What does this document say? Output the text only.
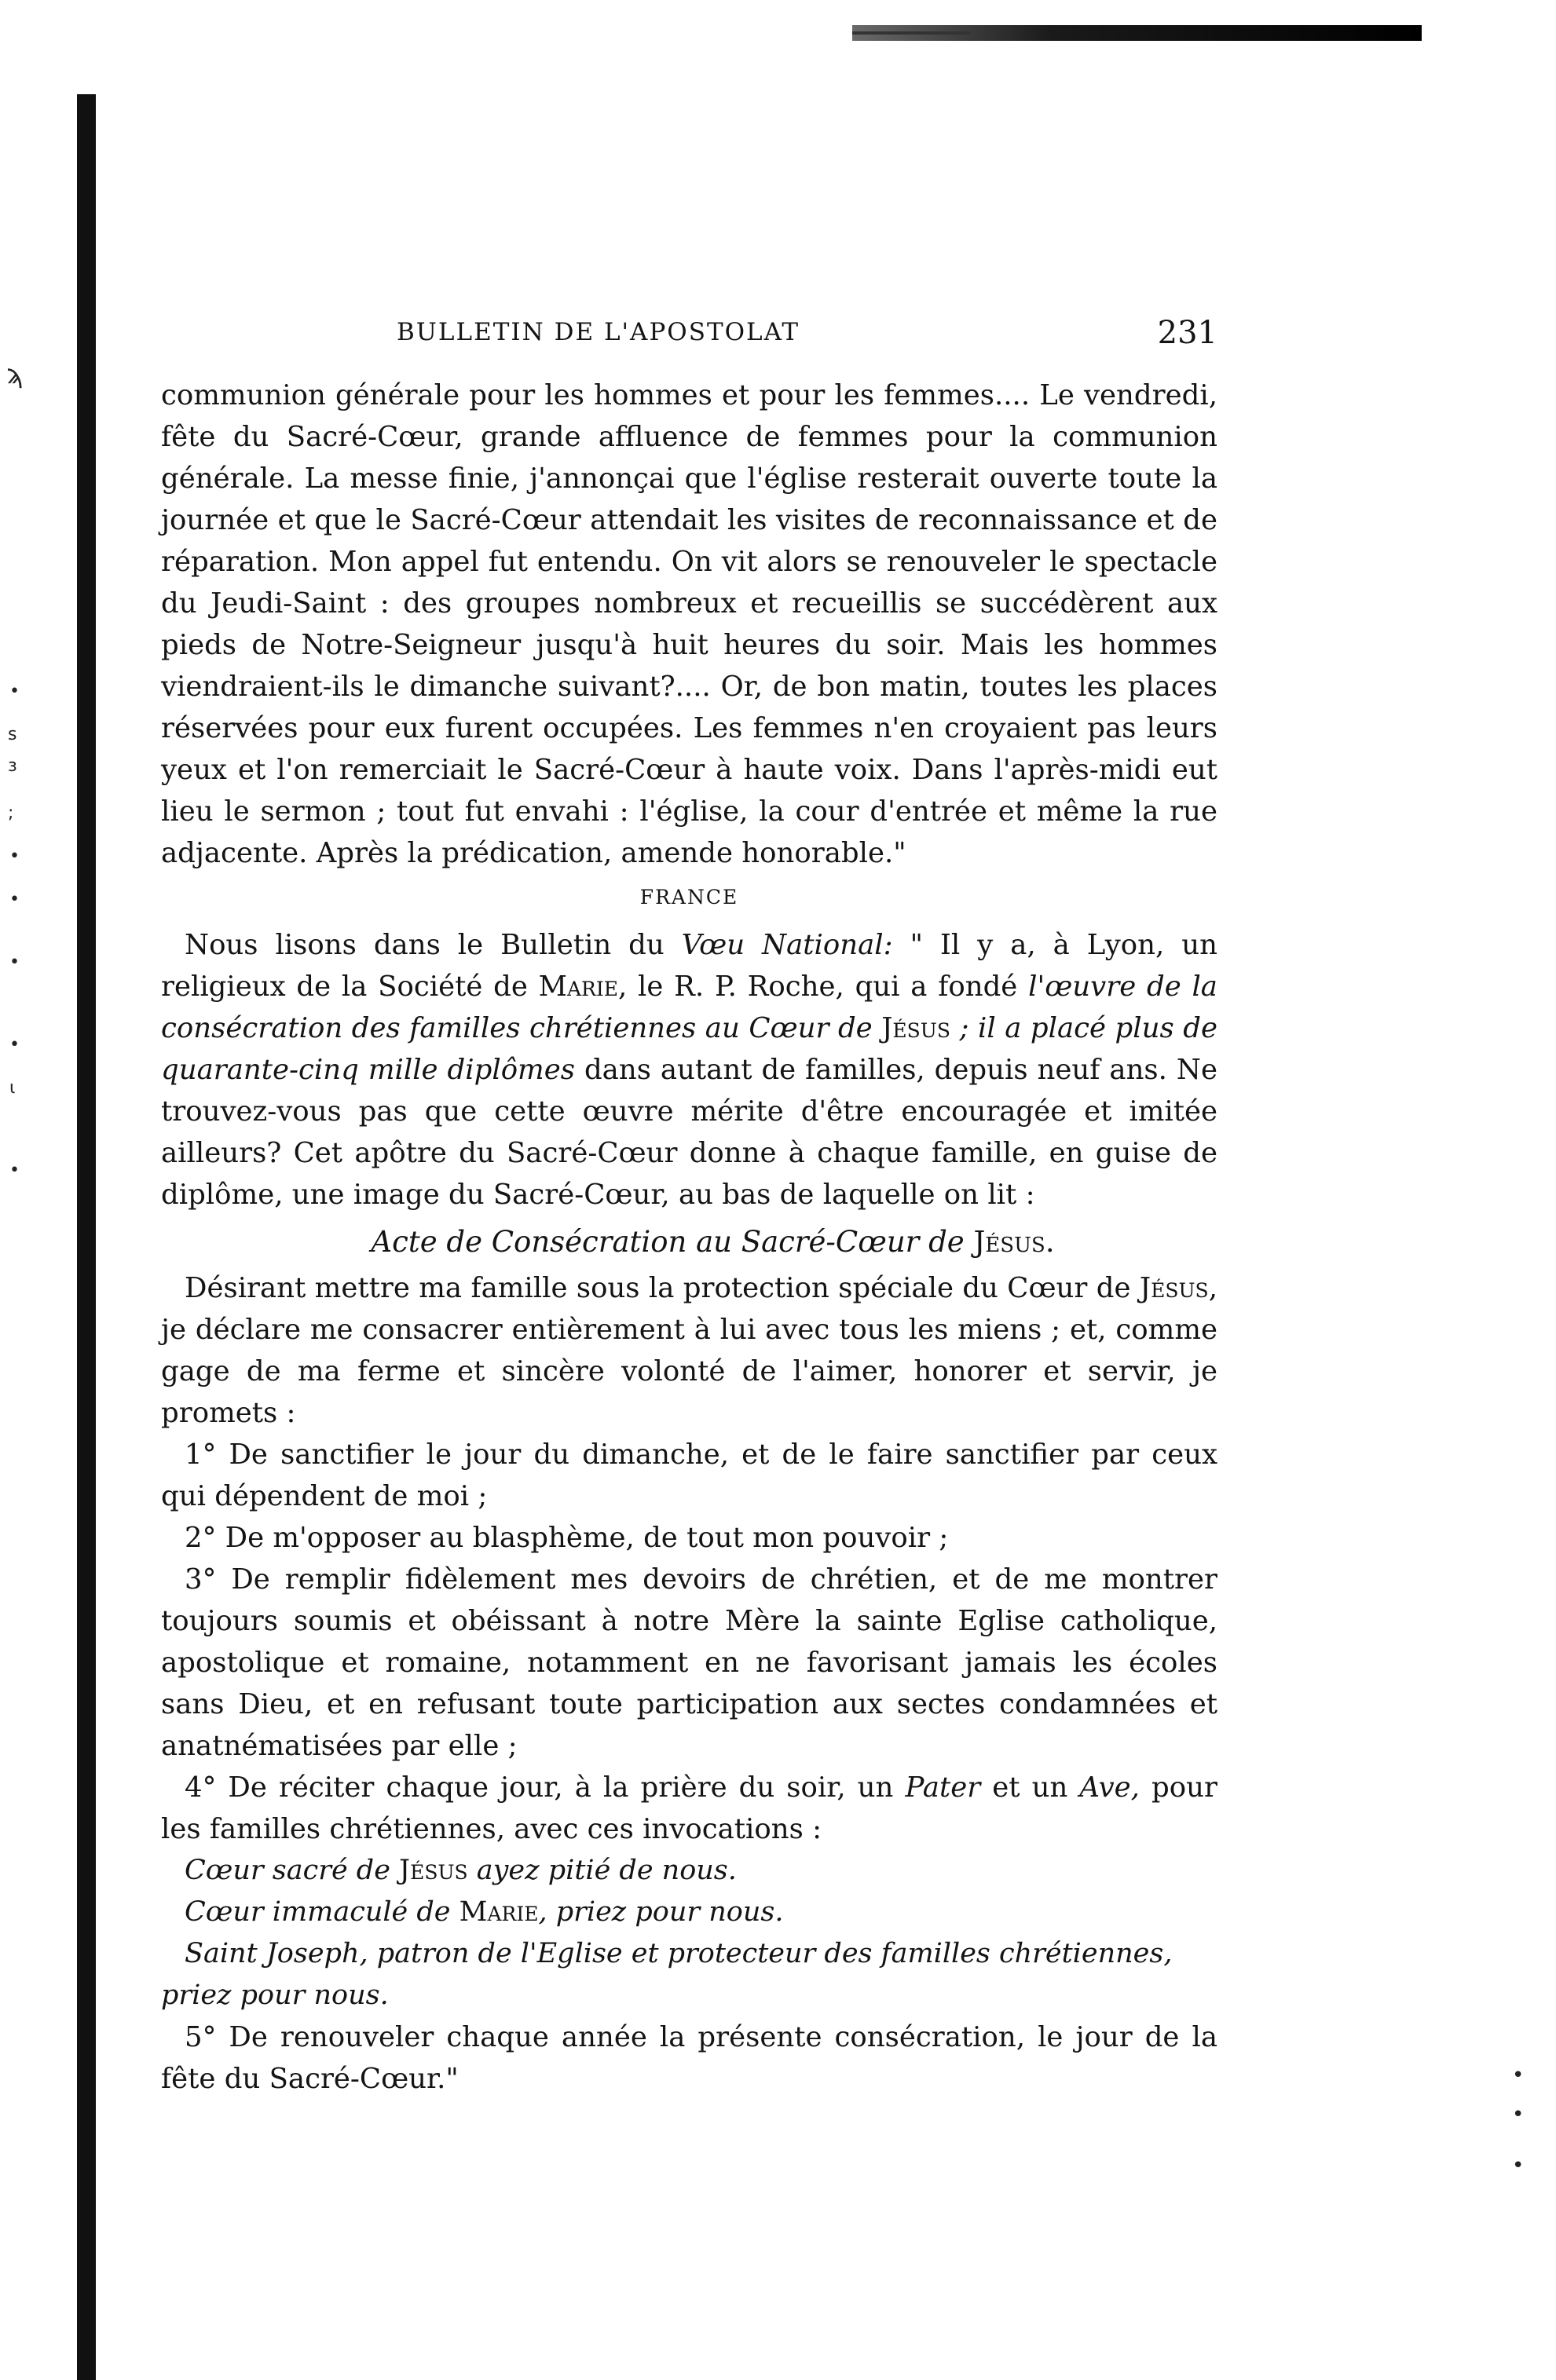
ϡ
•
s
ɜ
;
•
•
•
•
ι
•
•
•
•
BULLETIN DE L'APOSTOLAT	231

communion générale pour les hommes et pour les femmes.... Le vendredi, fête du Sacré-Cœur, grande affluence de femmes pour la communion générale. La messe finie, j'annonçai que l'église resterait ouverte toute la journée et que le Sacré-Cœur attendait les visites de reconnaissance et de réparation. Mon appel fut entendu. On vit alors se renouveler le spectacle du Jeudi-Saint : des groupes nombreux et recueillis se succédèrent aux pieds de Notre-Seigneur jusqu'à huit heures du soir. Mais les hommes viendraient-ils le dimanche suivant?.... Or, de bon matin, toutes les places réservées pour eux furent occupées. Les femmes n'en croyaient pas leurs yeux et l'on remerciait le Sacré-Cœur à haute voix. Dans l'après-midi eut lieu le sermon ; tout fut envahi : l'église, la cour d'entrée et même la rue adjacente. Après la prédication, amende honorable."

FRANCE

Nous lisons dans le Bulletin du Vœu National: " Il y a, à Lyon, un religieux de la Société de Marie, le R. P. Roche, qui a fondé l'œuvre de la consécration des familles chrétiennes au Cœur de Jésus ; il a placé plus de quarante-cinq mille diplômes dans autant de familles, depuis neuf ans. Ne trouvez-vous pas que cette œuvre mérite d'être encouragée et imitée ailleurs? Cet apôtre du Sacré-Cœur donne à chaque famille, en guise de diplôme, une image du Sacré-Cœur, au bas de laquelle on lit :

Acte de Consécration au Sacré-Cœur de Jésus.

Désirant mettre ma famille sous la protection spéciale du Cœur de Jésus, je déclare me consacrer entièrement à lui avec tous les miens ; et, comme gage de ma ferme et sincère volonté de l'aimer, honorer et servir, je promets :

1° De sanctifier le jour du dimanche, et de le faire sanctifier par ceux qui dépendent de moi ;

2° De m'opposer au blasphème, de tout mon pouvoir ;

3° De remplir fidèlement mes devoirs de chrétien, et de me montrer toujours soumis et obéissant à notre Mère la sainte Eglise catholique, apostolique et romaine, notamment en ne favorisant jamais les écoles sans Dieu, et en refusant toute participation aux sectes condamnées et anatnématisées par elle ;

4° De réciter chaque jour, à la prière du soir, un Pater et un Ave, pour les familles chrétiennes, avec ces invocations :

Cœur sacré de Jésus ayez pitié de nous.

Cœur immaculé de Marie, priez pour nous.

Saint Joseph, patron de l'Eglise et protecteur des familles chrétiennes,

priez pour nous.

5° De renouveler chaque année la présente consécration, le jour de la fête du Sacré-Cœur."
